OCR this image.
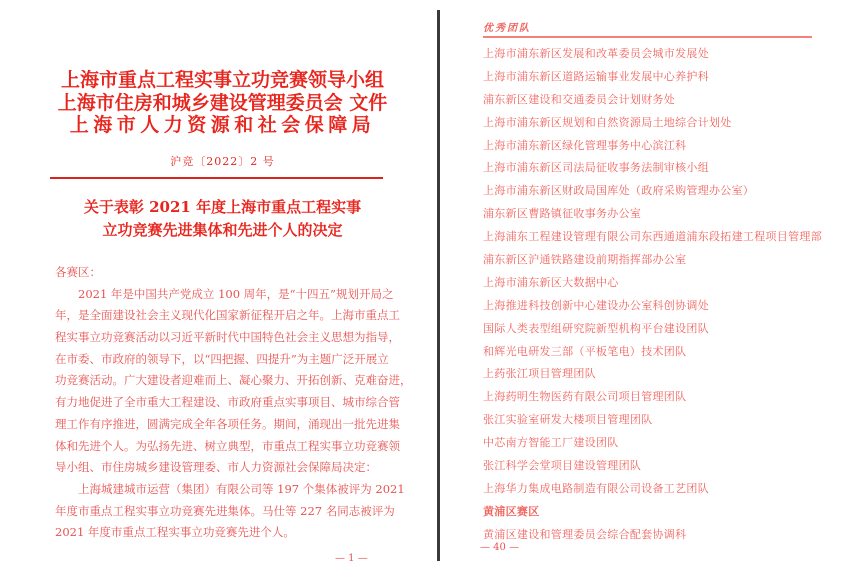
上海市重点工程实事立功竞赛领导小组
上海市住房和城乡建设管理委员会 文件
上海市人力资源和社会保障局
沪竞〔2022〕2 号
关于表彰 2021 年度上海市重点工程实事
立功竞赛先进集体和先进个人的决定
各赛区：
　　2021 年是中国共产党成立 100 周年，是“十四五”规划开局之
年，是全面建设社会主义现代化国家新征程开启之年。上海市重点工
程实事立功竞赛活动以习近平新时代中国特色社会主义思想为指导，
在市委、市政府的领导下，以“四把握、四提升”为主题广泛开展立
功竞赛活动。广大建设者迎难而上、凝心聚力、开拓创新、克难奋进，
有力地促进了全市重大工程建设、市政府重点实事项目、城市综合管
理工作有序推进，圆满完成全年各项任务。期间，涌现出一批先进集
体和先进个人。为弘扬先进、树立典型，市重点工程实事立功竞赛领
导小组、市住房城乡建设管理委、市人力资源社会保障局决定：
　　上海城建城市运营（集团）有限公司等 197 个集体被评为 2021
年度市重点工程实事立功竞赛先进集体。马仕等 227 名同志被评为
2021 年度市重点工程实事立功竞赛先进个人。
— 1 —
优秀团队
上海市浦东新区发展和改革委员会城市发展处
上海市浦东新区道路运输事业发展中心养护科
浦东新区建设和交通委员会计划财务处
上海市浦东新区规划和自然资源局土地综合计划处
上海市浦东新区绿化管理事务中心滨江科
上海市浦东新区司法局征收事务法制审核小组
上海市浦东新区财政局国库处（政府采购管理办公室）
浦东新区曹路镇征收事务办公室
上海浦东工程建设管理有限公司东西通道浦东段拓建工程项目管理部
浦东新区沪通铁路建设前期指挥部办公室
上海市浦东新区大数据中心
上海推进科技创新中心建设办公室科创协调处
国际人类表型组研究院新型机构平台建设团队
和辉光电研发三部（平板笔电）技术团队
上药张江项目管理团队
上海药明生物医药有限公司项目管理团队
张江实验室研发大楼项目管理团队
中芯南方智能工厂建设团队
张江科学会堂项目建设管理团队
上海华力集成电路制造有限公司设备工艺团队
黄浦区赛区
黄浦区建设和管理委员会综合配套协调科
— 40 —
